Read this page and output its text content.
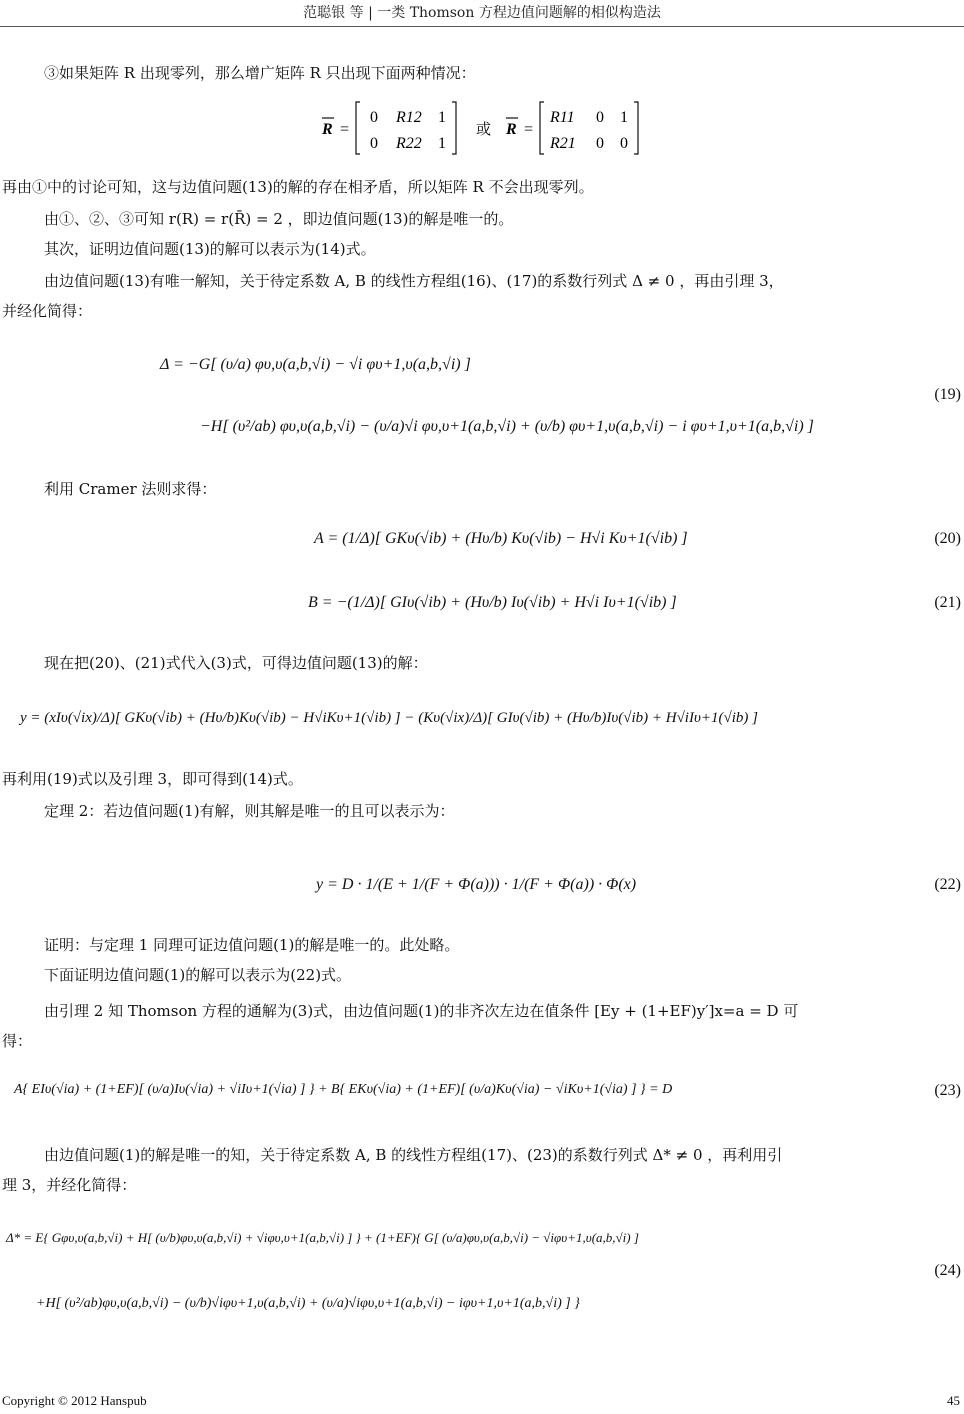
范聪银 等 | 一类 Thomson 方程边值问题解的相似构造法
③如果矩阵 R 出现零列，那么增广矩阵 R 只出现下面两种情况：
R =
0 R12 1
0 R22 1
或 R =
R11 0 1
R21 0 0
再由①中的讨论可知，这与边值问题(13)的解的存在相矛盾，所以矩阵 R 不会出现零列。
由①、②、③可知 r(R) = r(R̄) = 2 ，即边值问题(13)的解是唯一的。
其次，证明边值问题(13)的解可以表示为(14)式。
由边值问题(13)有唯一解知，关于待定系数 A, B 的线性方程组(16)、(17)的系数行列式 Δ ≠ 0 ，再由引理 3，
并经化简得：
Δ = −G[ (υ/a) φυ,υ(a,b,√i) − √i φυ+1,υ(a,b,√i) ]
−H[ (υ²/ab) φυ,υ(a,b,√i) − (υ/a)√i φυ,υ+1(a,b,√i) + (υ/b) φυ+1,υ(a,b,√i) − i φυ+1,υ+1(a,b,√i) ]
(19)
利用 Cramer 法则求得：
A = (1/Δ)[ GKυ(√ib) + (Hυ/b) Kυ(√ib) − H√i Kυ+1(√ib) ]	(20)
B = −(1/Δ)[ GIυ(√ib) + (Hυ/b) Iυ(√ib) + H√i Iυ+1(√ib) ]	(21)
现在把(20)、(21)式代入(3)式，可得边值问题(13)的解：
y = (xIυ(√ix)/Δ)[ GKυ(√ib) + (Hυ/b)Kυ(√ib) − H√iKυ+1(√ib) ] − (Kυ(√ix)/Δ)[ GIυ(√ib) + (Hυ/b)Iυ(√ib) + H√iIυ+1(√ib) ]
再利用(19)式以及引理 3，即可得到(14)式。
定理 2：若边值问题(1)有解，则其解是唯一的且可以表示为：
y = D · 1/(E + 1/(F + Φ(a))) · 1/(F + Φ(a)) · Φ(x)	(22)
证明：与定理 1 同理可证边值问题(1)的解是唯一的。此处略。
下面证明边值问题(1)的解可以表示为(22)式。
由引理 2 知 Thomson 方程的通解为(3)式，由边值问题(1)的非齐次左边在值条件 [Ey + (1+EF)y′]x=a = D 可
得：
A{ EIυ(√ia) + (1+EF)[ (υ/a)Iυ(√ia) + √iIυ+1(√ia) ] } + B{ EKυ(√ia) + (1+EF)[ (υ/a)Kυ(√ia) − √iKυ+1(√ia) ] } = D	(23)
由边值问题(1)的解是唯一的知，关于待定系数 A, B 的线性方程组(17)、(23)的系数行列式 Δ* ≠ 0 ，再利用引
理 3，并经化简得：
Δ* = E{ Gφυ,υ(a,b,√i) + H[ (υ/b)φυ,υ(a,b,√i) + √iφυ,υ+1(a,b,√i) ] } + (1+EF){ G[ (υ/a)φυ,υ(a,b,√i) − √iφυ+1,υ(a,b,√i) ]
+H[ (υ²/ab)φυ,υ(a,b,√i) − (υ/b)√iφυ+1,υ(a,b,√i) + (υ/a)√iφυ,υ+1(a,b,√i) − iφυ+1,υ+1(a,b,√i) ] }
(24)
Copyright © 2012 Hanspub	45
